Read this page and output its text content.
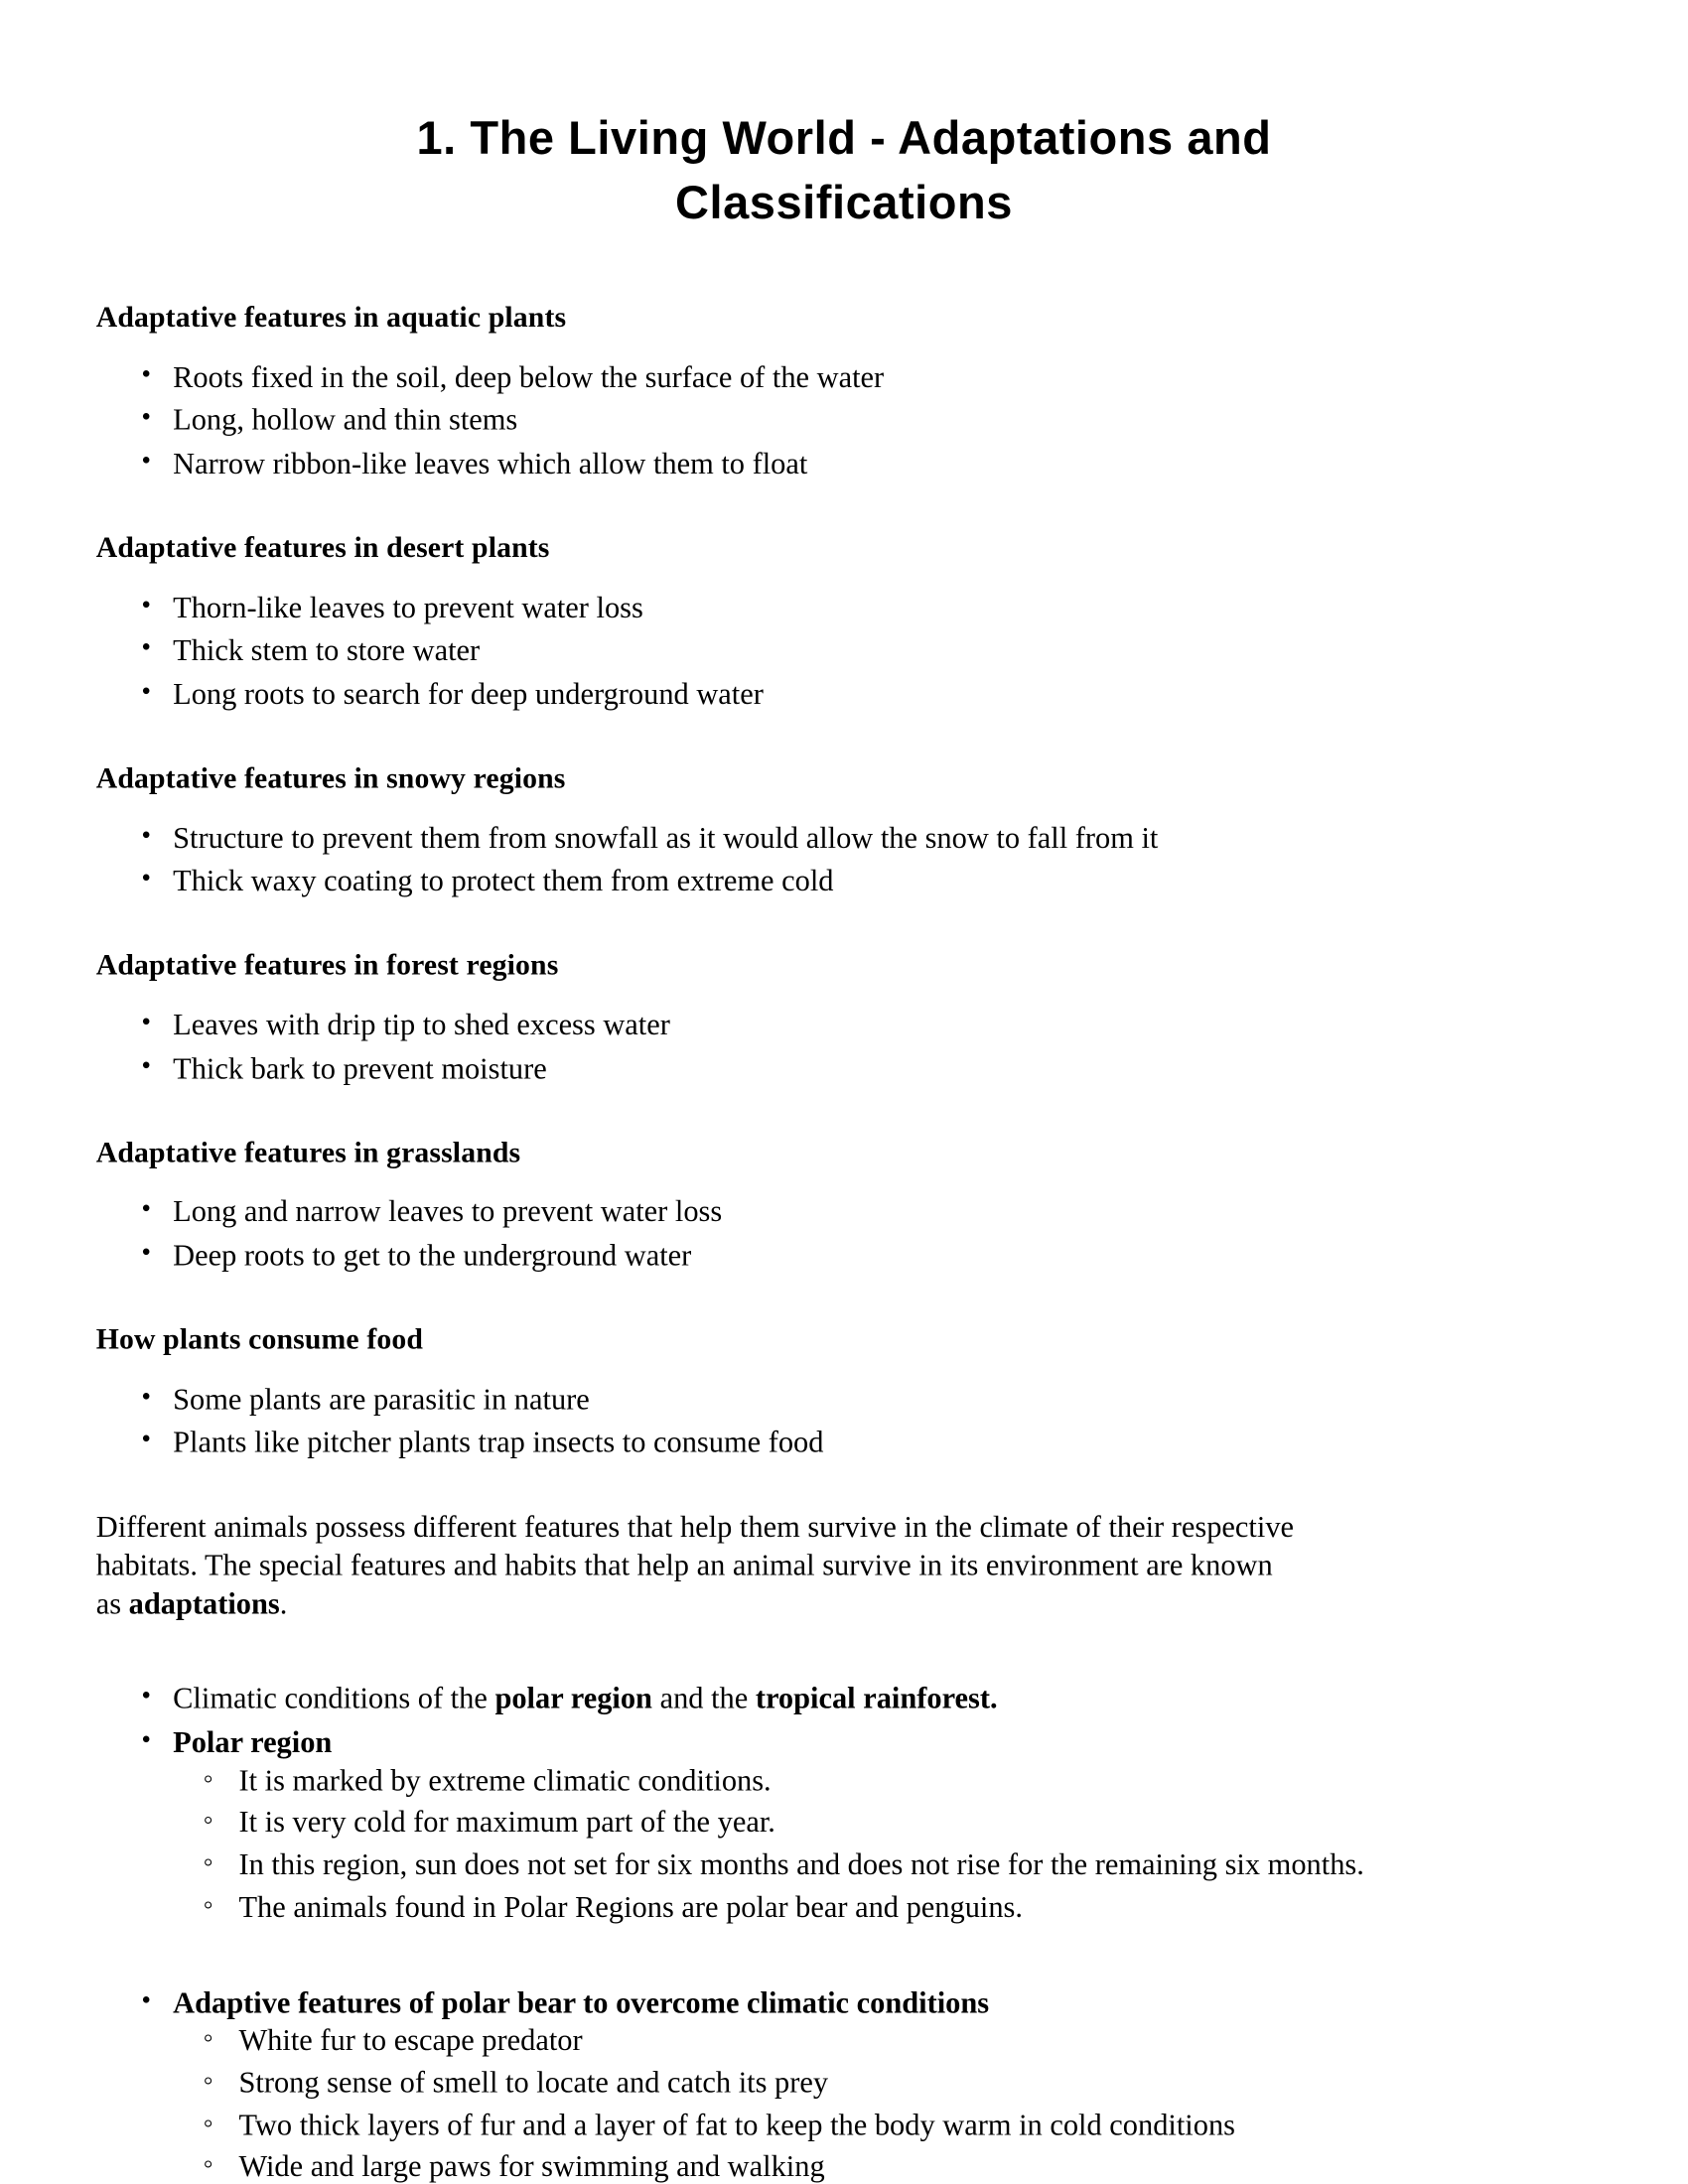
1. The Living World - Adaptations and Classifications
Adaptative features in aquatic plants
• Roots fixed in the soil, deep below the surface of the water
• Long, hollow and thin stems
• Narrow ribbon-like leaves which allow them to float
Adaptative features in desert plants
• Thorn-like leaves to prevent water loss
• Thick stem to store water
• Long roots to search for deep underground water
Adaptative features in snowy regions
• Structure to prevent them from snowfall as it would allow the snow to fall from it
• Thick waxy coating to protect them from extreme cold
Adaptative features in forest regions
• Leaves with drip tip to shed excess water
• Thick bark to prevent moisture
Adaptative features in grasslands
• Long and narrow leaves to prevent water loss
• Deep roots to get to the underground water
How plants consume food
• Some plants are parasitic in nature
• Plants like pitcher plants trap insects to consume food

Different animals possess different features that help them survive in the climate of their respective

habitats. The special features and habits that help an animal survive in its environment are known

as adaptations.

• Climatic conditions of the polar region and the tropical rainforest.
• Polar region
◦ It is marked by extreme climatic conditions.
◦ It is very cold for maximum part of the year.
◦ In this region, sun does not set for six months and does not rise for the remaining six months.
◦ The animals found in Polar Regions are polar bear and penguins.
• Adaptive features of polar bear to overcome climatic conditions
◦ White fur to escape predator
◦ Strong sense of smell to locate and catch its prey
◦ Two thick layers of fur and a layer of fat to keep the body warm in cold conditions
◦ Wide and large paws for swimming and walking
